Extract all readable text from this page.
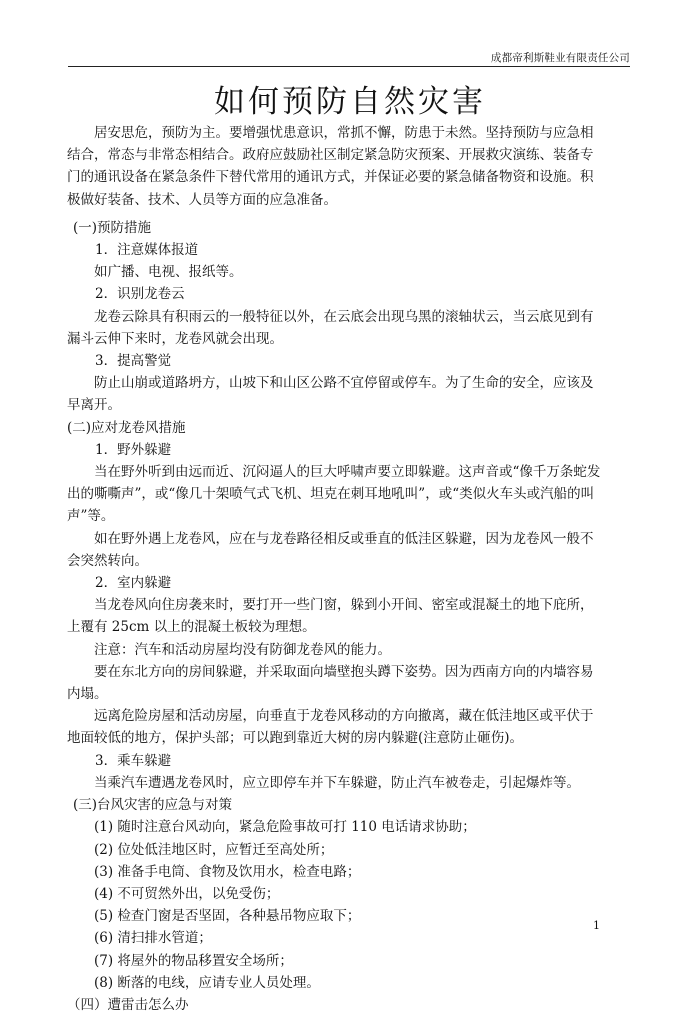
成都帝利斯鞋业有限责任公司
如何预防自然灾害

居安思危，预防为主。要增强忧患意识，常抓不懈，防患于未然。坚持预防与应急相结合，常态与非常态相结合。政府应鼓励社区制定紧急防灾预案、开展救灾演练、装备专门的通讯设备在紧急条件下替代常用的通讯方式，并保证必要的紧急储备物资和设施。积极做好装备、技术、人员等方面的应急准备。

(一)预防措施

1．注意媒体报道

如广播、电视、报纸等。

2．识别龙卷云

龙卷云除具有积雨云的一般特征以外，在云底会出现乌黑的滚轴状云，当云底见到有漏斗云伸下来时，龙卷风就会出现。

3．提高警觉

防止山崩或道路坍方，山坡下和山区公路不宜停留或停车。为了生命的安全，应该及早离开。

(二)应对龙卷风措施

1．野外躲避

当在野外听到由远而近、沉闷逼人的巨大呼啸声要立即躲避。这声音或“像千万条蛇发出的嘶嘶声”，或“像几十架喷气式飞机、坦克在刺耳地吼叫”，或“类似火车头或汽船的叫声”等。

如在野外遇上龙卷风，应在与龙卷路径相反或垂直的低洼区躲避，因为龙卷风一般不会突然转向。

2．室内躲避

当龙卷风向住房袭来时，要打开一些门窗，躲到小开间、密室或混凝土的地下庇所，上覆有 25cm 以上的混凝土板较为理想。

注意：汽车和活动房屋均没有防御龙卷风的能力。

要在东北方向的房间躲避，并采取面向墙壁抱头蹲下姿势。因为西南方向的内墙容易内塌。

远离危险房屋和活动房屋，向垂直于龙卷风移动的方向撤离，藏在低洼地区或平伏于地面较低的地方，保护头部；可以跑到靠近大树的房内躲避(注意防止砸伤)。

3．乘车躲避

当乘汽车遭遇龙卷风时，应立即停车并下车躲避，防止汽车被卷走，引起爆炸等。

(三)台风灾害的应急与对策

(1) 随时注意台风动向，紧急危险事故可打 110 电话请求协助；

(2) 位处低洼地区时，应暂迁至高处所；

(3) 准备手电筒、食物及饮用水，检查电路；

(4) 不可贸然外出，以免受伤；

(5) 检查门窗是否坚固，各种悬吊物应取下；

(6) 清扫排水管道；

(7) 将屋外的物品移置安全场所；

(8) 断落的电线，应请专业人员处理。

（四）遭雷击怎么办

1
